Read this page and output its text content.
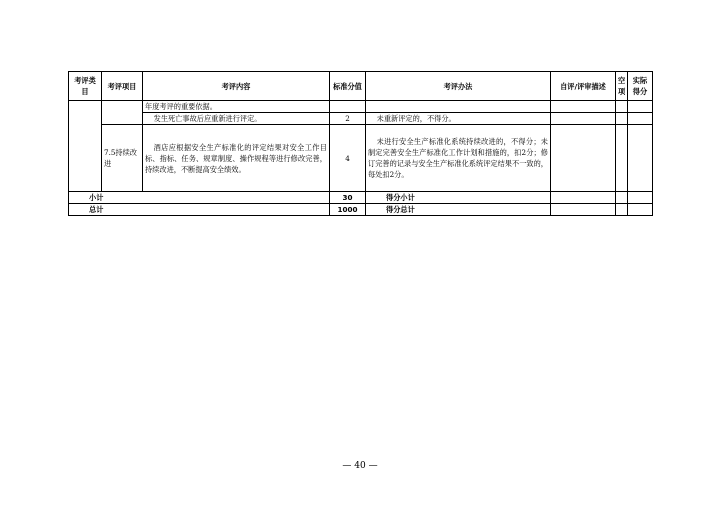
考评类目	考评项目	考评内容	标准分值	考评办法	自评/评审描述	空项	实际得分
		年度考评的重要依据。					
		发生死亡事故后应重新进行评定。	2	未重新评定的，不得分。			
	7.5持续改进	酒店应根据安全生产标准化的评定结果对安全工作目标、指标、任务、规章制度、操作规程等进行修改完善，持续改进，不断提高安全绩效。	4	未进行安全生产标准化系统持续改进的，不得分；未制定完善安全生产标准化工作计划和措施的，扣2分；修订完善的记录与安全生产标准化系统评定结果不一致的，每处扣2分。			
小计			30	得分小计			
总计			1000	得分总计			
— 40 —
